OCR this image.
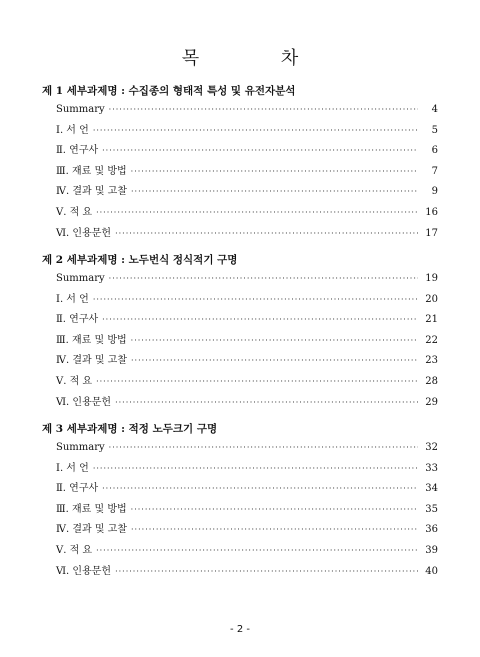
목 차
제 1 세부과제명 : 수집종의 형태적 특성 및 유전자분석
Summary ·····	4
Ⅰ. 서 언 ·····	5
Ⅱ. 연구사 ·····	6
Ⅲ. 재료 및 방법 ·····	7
Ⅳ. 결과 및 고찰 ·····	9
Ⅴ. 적 요 ·····	16
Ⅵ. 인용문헌 ·····	17
제 2 세부과제명 : 노두번식 정식적기 구명
Summary ·····	19
Ⅰ. 서 언 ·····	20
Ⅱ. 연구사 ·····	21
Ⅲ. 재료 및 방법 ·····	22
Ⅳ. 결과 및 고찰 ·····	23
Ⅴ. 적 요 ·····	28
Ⅵ. 인용문헌 ·····	29
제 3 세부과제명 : 적정 노두크기 구명
Summary ·····	32
Ⅰ. 서 언 ·····	33
Ⅱ. 연구사 ·····	34
Ⅲ. 재료 및 방법 ·····	35
Ⅳ. 결과 및 고찰 ·····	36
Ⅴ. 적 요 ·····	39
Ⅵ. 인용문헌 ·····	40
- 2 -
